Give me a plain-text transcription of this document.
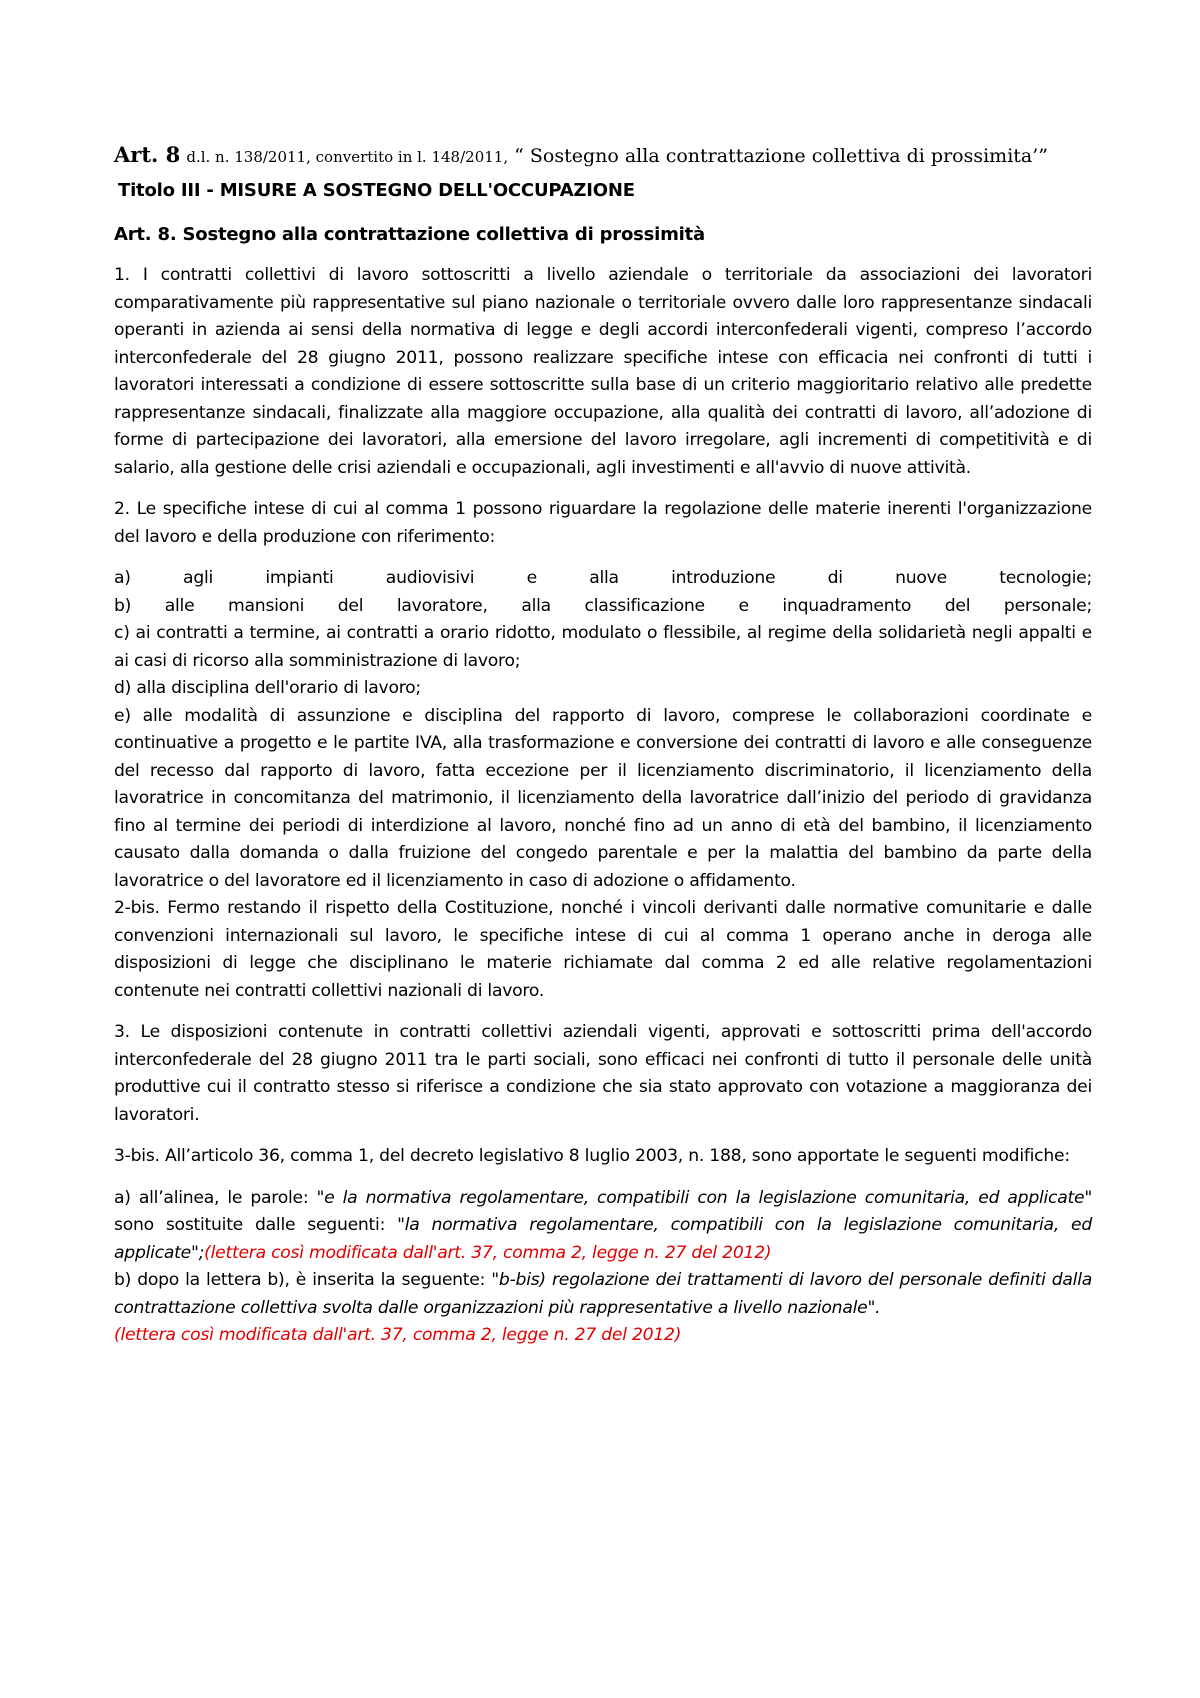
Art. 8 d.l. n. 138/2011, convertito in l. 148/2011, “ Sostegno alla contrattazione collettiva di prossimita’”

Titolo III - MISURE A SOSTEGNO DELL'OCCUPAZIONE
Art. 8. Sostegno alla contrattazione collettiva di prossimità

1. I contratti collettivi di lavoro sottoscritti a livello aziendale o territoriale da associazioni dei lavoratori comparativamente più rappresentative sul piano nazionale o territoriale ovvero dalle loro rappresentanze sindacali operanti in azienda ai sensi della normativa di legge e degli accordi interconfederali vigenti, compreso l’accordo interconfederale del 28 giugno 2011, possono realizzare specifiche intese con efficacia nei confronti di tutti i lavoratori interessati a condizione di essere sottoscritte sulla base di un criterio maggioritario relativo alle predette rappresentanze sindacali, finalizzate alla maggiore occupazione, alla qualità dei contratti di lavoro, all’adozione di forme di partecipazione dei lavoratori, alla emersione del lavoro irregolare, agli incrementi di competitività e di salario, alla gestione delle crisi aziendali e occupazionali, agli investimenti e all'avvio di nuove attività.

2. Le specifiche intese di cui al comma 1 possono riguardare la regolazione delle materie inerenti l'organizzazione del lavoro e della produzione con riferimento:

a) agli impianti audiovisivi e alla introduzione di nuove tecnologie;
b) alle mansioni del lavoratore, alla classificazione e inquadramento del personale;
c) ai contratti a termine, ai contratti a orario ridotto, modulato o flessibile, al regime della solidarietà negli appalti e ai casi di ricorso alla somministrazione di lavoro;
d) alla disciplina dell'orario di lavoro;
e) alle modalità di assunzione e disciplina del rapporto di lavoro, comprese le collaborazioni coordinate e continuative a progetto e le partite IVA, alla trasformazione e conversione dei contratti di lavoro e alle conseguenze del recesso dal rapporto di lavoro, fatta eccezione per il licenziamento discriminatorio, il licenziamento della lavoratrice in concomitanza del matrimonio, il licenziamento della lavoratrice dall’inizio del periodo di gravidanza fino al termine dei periodi di interdizione al lavoro, nonché fino ad un anno di età del bambino, il licenziamento causato dalla domanda o dalla fruizione del congedo parentale e per la malattia del bambino da parte della lavoratrice o del lavoratore ed il licenziamento in caso di adozione o affidamento.
2-bis. Fermo restando il rispetto della Costituzione, nonché i vincoli derivanti dalle normative comunitarie e dalle convenzioni internazionali sul lavoro, le specifiche intese di cui al comma 1 operano anche in deroga alle disposizioni di legge che disciplinano le materie richiamate dal comma 2 ed alle relative regolamentazioni contenute nei contratti collettivi nazionali di lavoro.

3. Le disposizioni contenute in contratti collettivi aziendali vigenti, approvati e sottoscritti prima dell'accordo interconfederale del 28 giugno 2011 tra le parti sociali, sono efficaci nei confronti di tutto il personale delle unità produttive cui il contratto stesso si riferisce a condizione che sia stato approvato con votazione a maggioranza dei lavoratori.

3-bis. All’articolo 36, comma 1, del decreto legislativo 8 luglio 2003, n. 188, sono apportate le seguenti modifiche:

a) all’alinea, le parole: "e la normativa regolamentare, compatibili con la legislazione comunitaria, ed applicate" sono sostituite dalle seguenti: "la normativa regolamentare, compatibili con la legislazione comunitaria, ed applicate";(lettera così modificata dall'art. 37, comma 2, legge n. 27 del 2012)
b) dopo la lettera b), è inserita la seguente: "b-bis) regolazione dei trattamenti di lavoro del personale definiti dalla contrattazione collettiva svolta dalle organizzazioni più rappresentative a livello nazionale".
(lettera così modificata dall'art. 37, comma 2, legge n. 27 del 2012)
